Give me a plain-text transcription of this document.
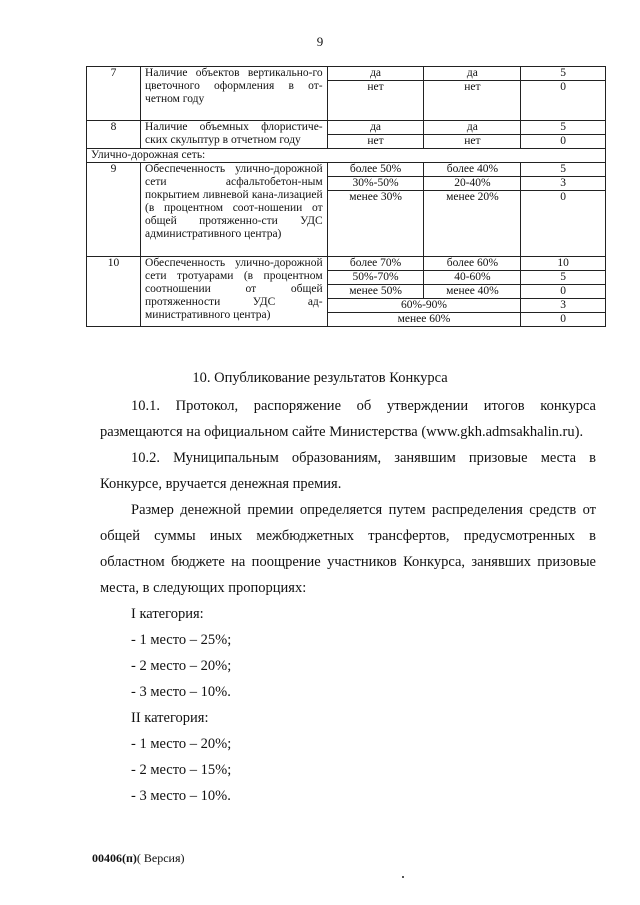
9
7	Наличие объектов вертикально-го цветочного оформления в от-четном году	да	да	5
		нет	нет	0
8	Наличие объемных флористиче-ских скульптур в отчетном году	да	да	5
		нет	нет	0
Улично-дорожная сеть:				
9	Обеспеченность улично-дорожной сети асфальтобетон-ным покрытием ливневой кана-лизацией (в процентном соот-ношении от общей протяженно-сти УДС административного центра)	более 50%	более 40%	5
		30%-50%	20-40%	3
		менее 30%	менее 20%	0
10	Обеспеченность улично-дорожной сети тротуарами (в процентном соотношении от общей протяженности УДС ад-министративного центра)	более 70%	более 60%	10
		50%-70%	40-60%	5
		менее 50%	менее 40%	0
		60%-90%		3
		менее 60%		0
10. Опубликование результатов Конкурса

10.1. Протокол, распоряжение об утверждении итогов конкурса размещаются на официальном сайте Министерства (www.gkh.admsakhalin.ru).

10.2. Муниципальным образованиям, занявшим призовые места в Конкурсе, вручается денежная премия.

Размер денежной премии определяется путем распределения средств от общей суммы иных межбюджетных трансфертов, предусмотренных в областном бюджете на поощрение участников Конкурса, занявших призовые места, в следующих пропорциях:

I категория:

- 1 место – 25%;

- 2 место – 20%;

- 3 место – 10%.

II категория:

- 1 место – 20%;

- 2 место – 15%;

- 3 место – 10%.

00406(п)( Версия)
